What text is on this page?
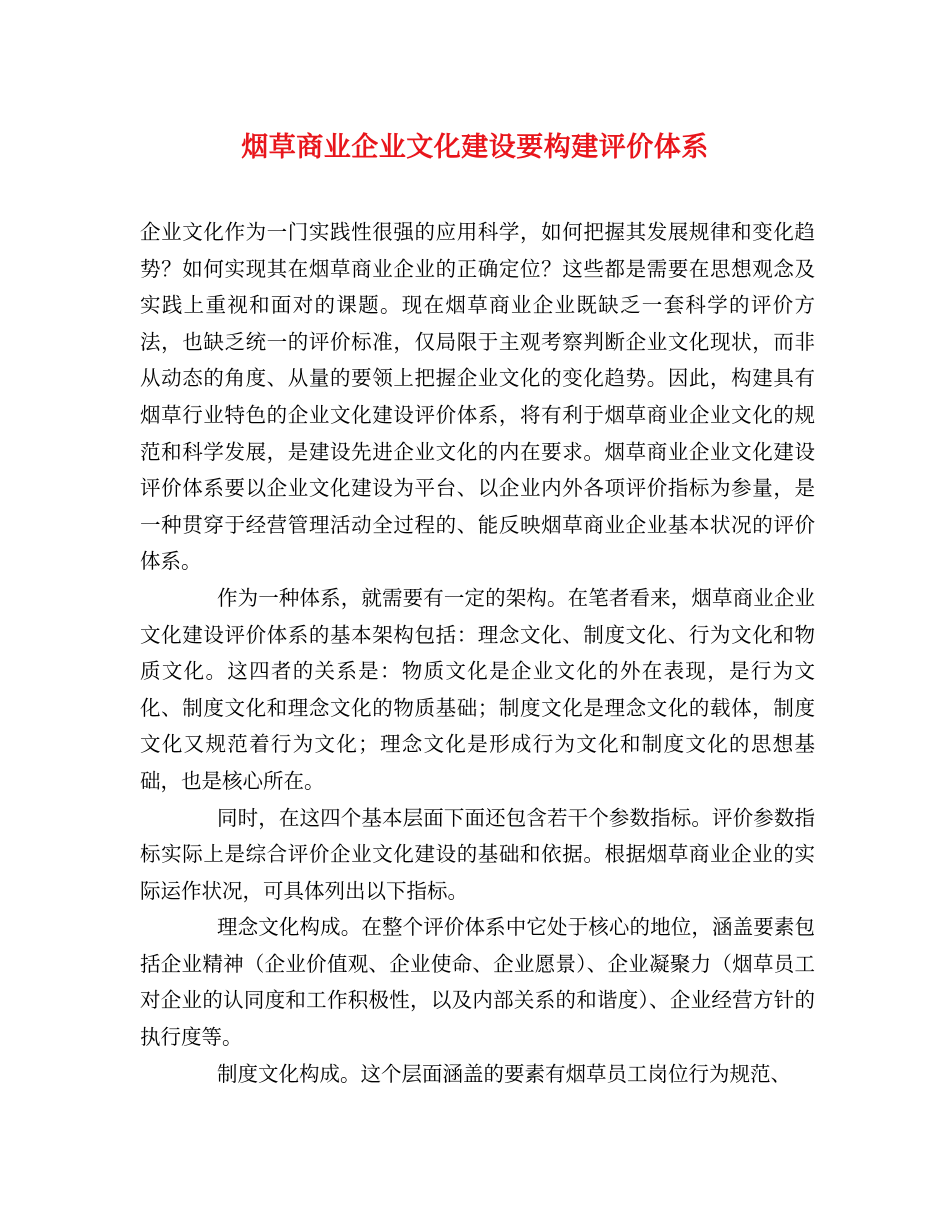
烟草商业企业文化建设要构建评价体系

企业文化作为一门实践性很强的应用科学，如何把握其发展规律和变化趋势？如何实现其在烟草商业企业的正确定位？这些都是需要在思想观念及实践上重视和面对的课题。现在烟草商业企业既缺乏一套科学的评价方法，也缺乏统一的评价标准，仅局限于主观考察判断企业文化现状，而非从动态的角度、从量的要领上把握企业文化的变化趋势。因此，构建具有烟草行业特色的企业文化建设评价体系，将有利于烟草商业企业文化的规范和科学发展，是建设先进企业文化的内在要求。烟草商业企业文化建设评价体系要以企业文化建设为平台、以企业内外各项评价指标为参量，是一种贯穿于经营管理活动全过程的、能反映烟草商业企业基本状况的评价体系。

作为一种体系，就需要有一定的架构。在笔者看来，烟草商业企业文化建设评价体系的基本架构包括：理念文化、制度文化、行为文化和物质文化。这四者的关系是：物质文化是企业文化的外在表现，是行为文化、制度文化和理念文化的物质基础；制度文化是理念文化的载体，制度文化又规范着行为文化；理念文化是形成行为文化和制度文化的思想基础，也是核心所在。

同时，在这四个基本层面下面还包含若干个参数指标。评价参数指标实际上是综合评价企业文化建设的基础和依据。根据烟草商业企业的实际运作状况，可具体列出以下指标。

理念文化构成。在整个评价体系中它处于核心的地位，涵盖要素包括企业精神（企业价值观、企业使命、企业愿景）、企业凝聚力（烟草员工对企业的认同度和工作积极性，以及内部关系的和谐度）、企业经营方针的执行度等。

制度文化构成。这个层面涵盖的要素有烟草员工岗位行为规范、
